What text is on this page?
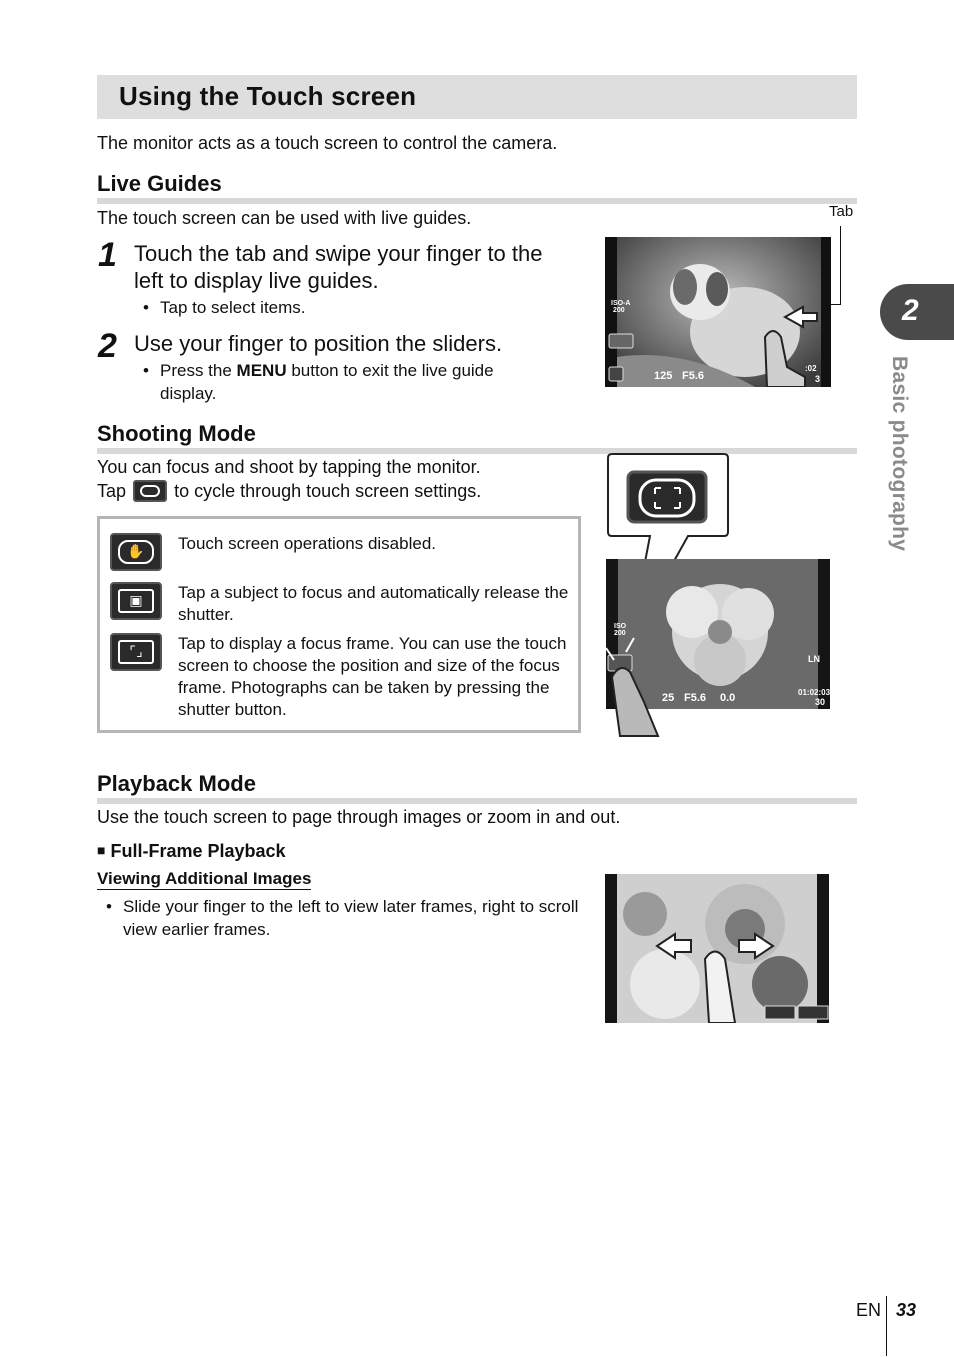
Using the Touch screen
The monitor acts as a touch screen to control the camera.
Live Guides
The touch screen can be used with live guides.
1 Touch the tab and swipe your finger to the left to display live guides.
• Tap to select items.
2 Use your finger to position the sliders.
• Press the MENU button to exit the live guide display.
Tab
ISO-A
200
125 F5.6
:02
3
2
Basic photography
Shooting Mode
You can focus and shoot by tapping the monitor.
Tap	to cycle through touch screen settings.
✋	Touch screen operations disabled.
▣	Tap a subject to focus and automatically release the shutter.
⌜⌟	Tap to display a focus frame. You can use the touch screen to choose the position and size of the focus frame. Photographs can be taken by pressing the shutter button.
ISO
200
25 F5.6 0.0
LN
01:02:03
30
Playback Mode
Use the touch screen to page through images or zoom in and out.
■ Full-Frame Playback
Viewing Additional Images
• Slide your finger to the left to view later frames, right to scroll view earlier frames.
EN 33
